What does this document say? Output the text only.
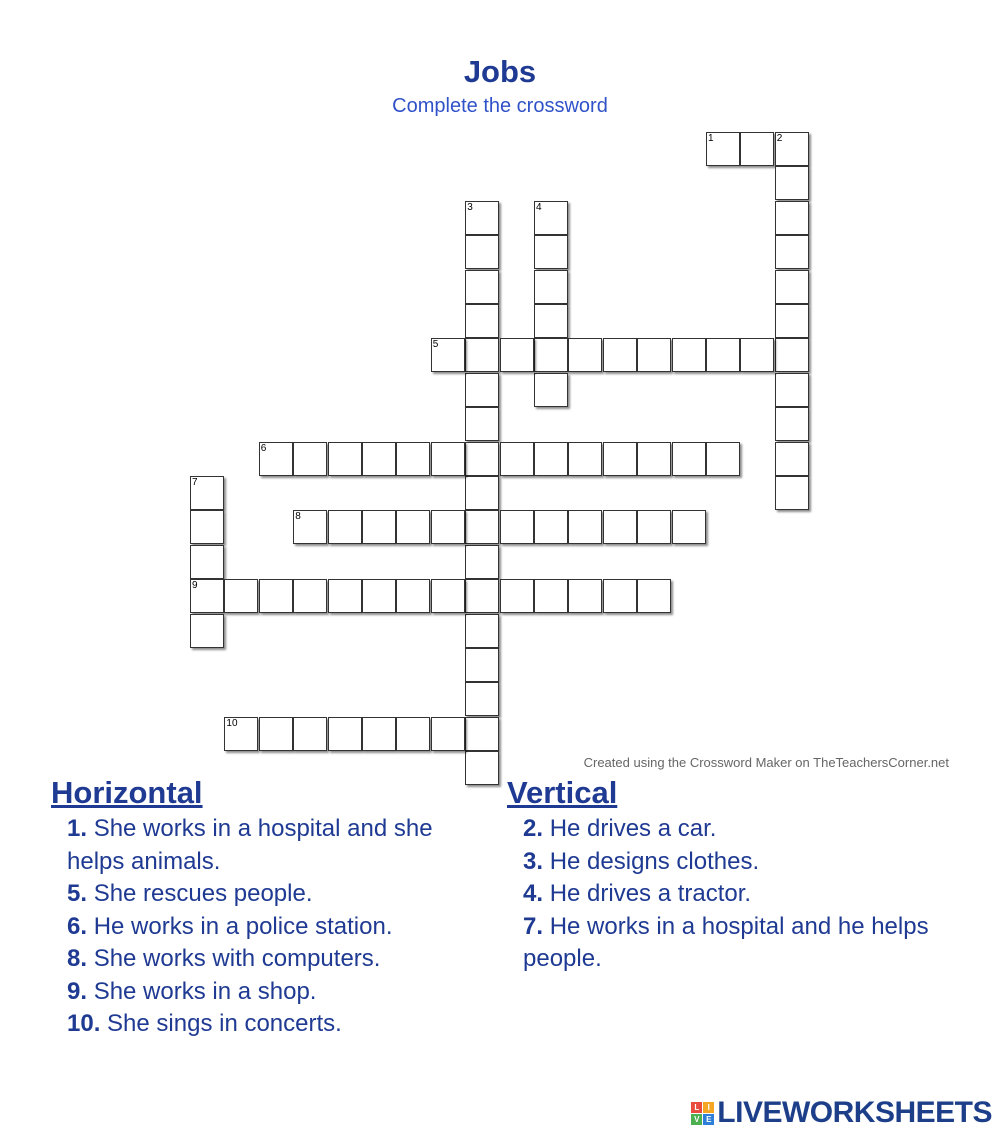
Jobs
Complete the crossword
1	2
3	4
5
6
7
9
8
10
Created using the Crossword Maker on TheTeachersCorner.net
Horizontal
1. She works in a hospital and she helps animals.
5. She rescues people.
6. He works in a police station.
8. She works with computers.
9. She works in a shop.
10. She sings in concerts.
Vertical
2. He drives a car.
3. He designs clothes.
4. He drives a tractor.
7. He works in a hospital and he helps people.
L	I
V E LIVEWORKSHEETS
